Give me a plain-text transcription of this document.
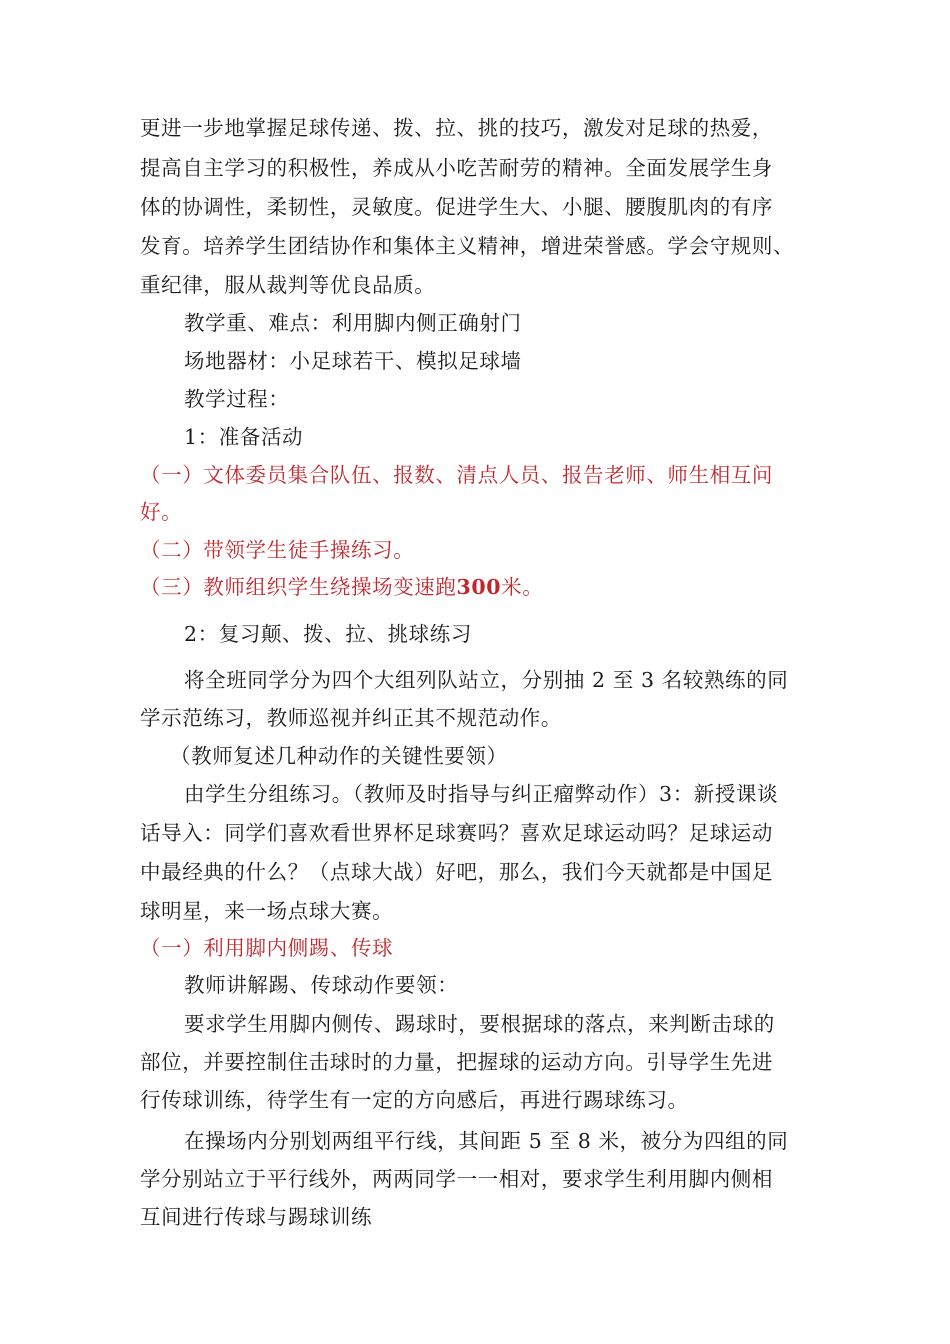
更进一步地掌握足球传递、拨、拉、挑的技巧，激发对足球的热爱，
提高自主学习的积极性，养成从小吃苦耐劳的精神。全面发展学生身
体的协调性，柔韧性，灵敏度。促进学生大、小腿、腰腹肌肉的有序
发育。培养学生团结协作和集体主义精神，增进荣誉感。学会守规则、
重纪律，服从裁判等优良品质。
教学重、难点：利用脚内侧正确射门
场地器材：小足球若干、模拟足球墙
教学过程：
1：准备活动
（一）文体委员集合队伍、报数、清点人员、报告老师、师生相互问
好。
（二）带领学生徒手操练习。
（三）教师组织学生绕操场变速跑300米。
2：复习颠、拨、拉、挑球练习
将全班同学分为四个大组列队站立，分别抽 2 至 3 名较熟练的同
学示范练习，教师巡视并纠正其不规范动作。
（教师复述几种动作的关键性要领）
由学生分组练习。（教师及时指导与纠正瘤弊动作）3：新授课谈
话导入：同学们喜欢看世界杯足球赛吗？喜欢足球运动吗？足球运动
中最经典的什么？（点球大战）好吧，那么，我们今天就都是中国足
球明星，来一场点球大赛。
（一）利用脚内侧踢、传球
教师讲解踢、传球动作要领：
要求学生用脚内侧传、踢球时，要根据球的落点，来判断击球的
部位，并要控制住击球时的力量，把握球的运动方向。引导学生先进
行传球训练，待学生有一定的方向感后，再进行踢球练习。
在操场内分别划两组平行线，其间距 5 至 8 米，被分为四组的同
学分别站立于平行线外，两两同学一一相对，要求学生利用脚内侧相
互间进行传球与踢球训练
